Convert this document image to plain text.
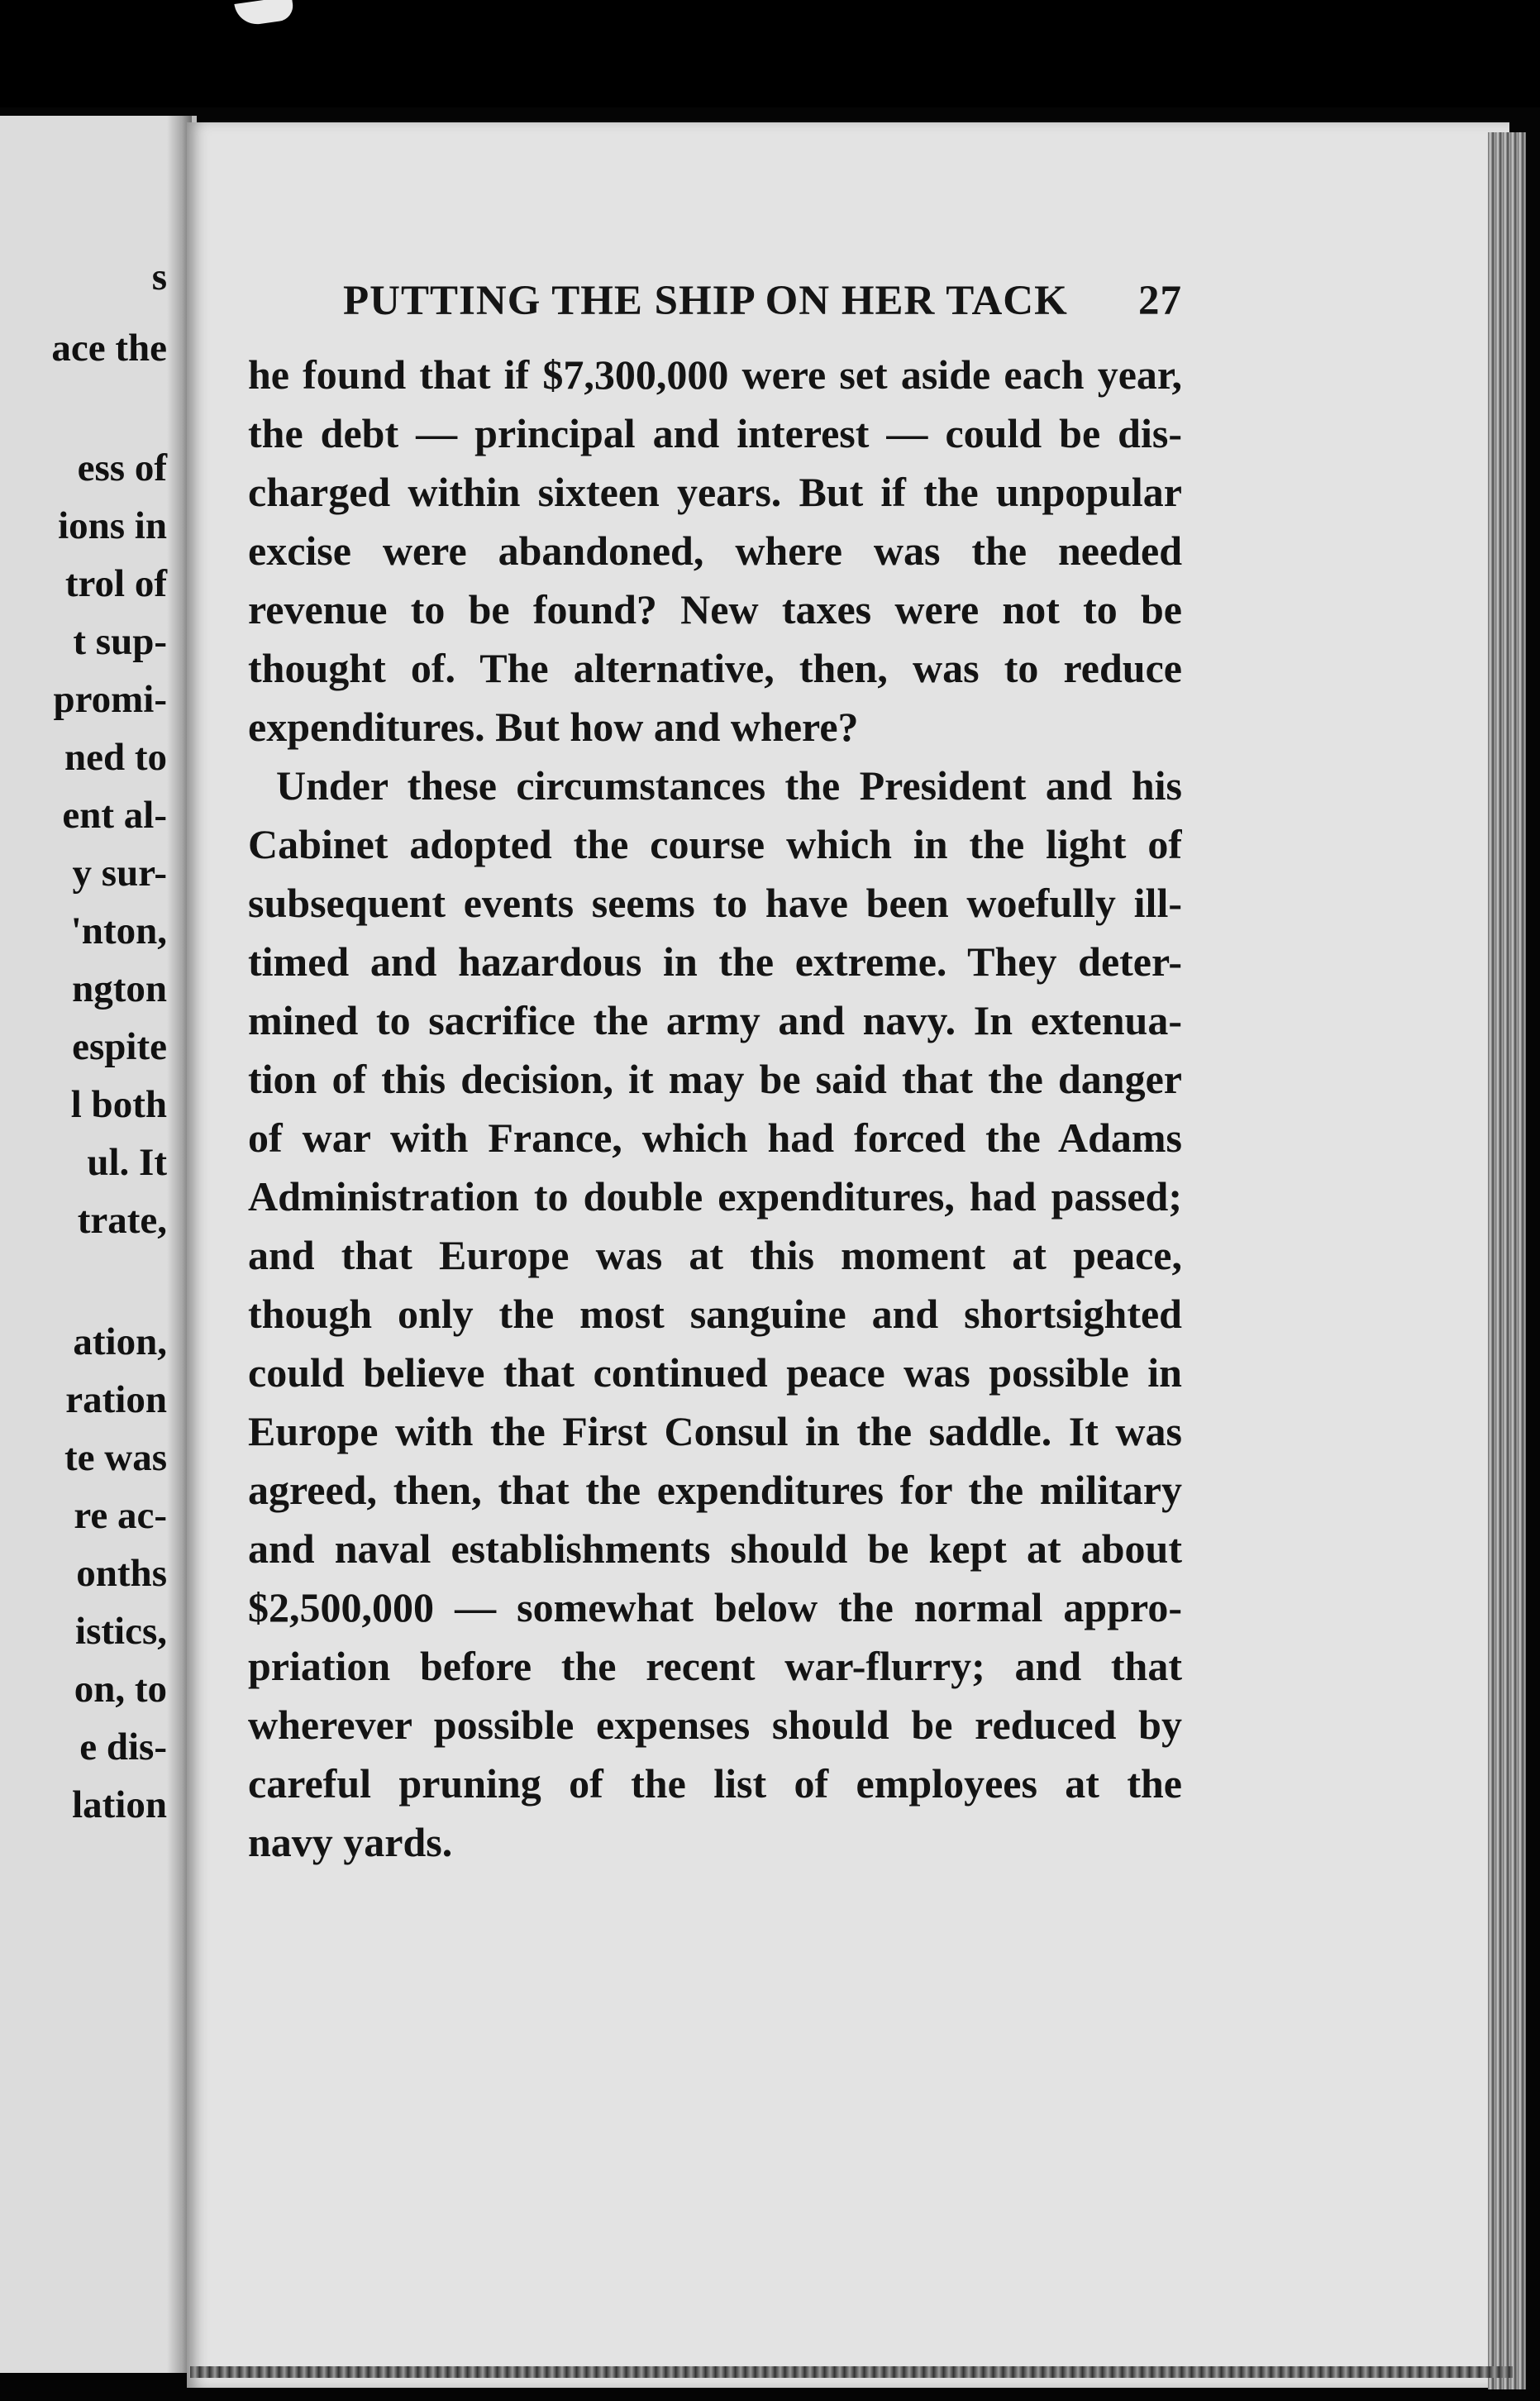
s

ace the

ess of

ions in

trol of

t sup-

promi-

ned to

ent al-

y sur-

'nton,

ngton

espite

l both

ul. It

trate,

ation,

ration

te was

re ac-

onths

istics,

on, to

e dis-

lation

PUTTING THE SHIP ON HER TACK 27
he found that if $7,300,000 were set aside each year,
the debt — principal and interest — could be dis-
charged within sixteen years. But if the unpopular
excise were abandoned, where was the needed
revenue to be found? New taxes were not to be
thought of. The alternative, then, was to reduce
expenditures. But how and where?
Under these circumstances the President and his
Cabinet adopted the course which in the light of
subsequent events seems to have been woefully ill-
timed and hazardous in the extreme. They deter-
mined to sacrifice the army and navy. In extenua-
tion of this decision, it may be said that the danger
of war with France, which had forced the Adams
Administration to double expenditures, had passed;
and that Europe was at this moment at peace,
though only the most sanguine and shortsighted
could believe that continued peace was possible in
Europe with the First Consul in the saddle. It was
agreed, then, that the expenditures for the military
and naval establishments should be kept at about
$2,500,000 — somewhat below the normal appro-
priation before the recent war-flurry; and that
wherever possible expenses should be reduced by
careful pruning of the list of employees at the
navy yards.
